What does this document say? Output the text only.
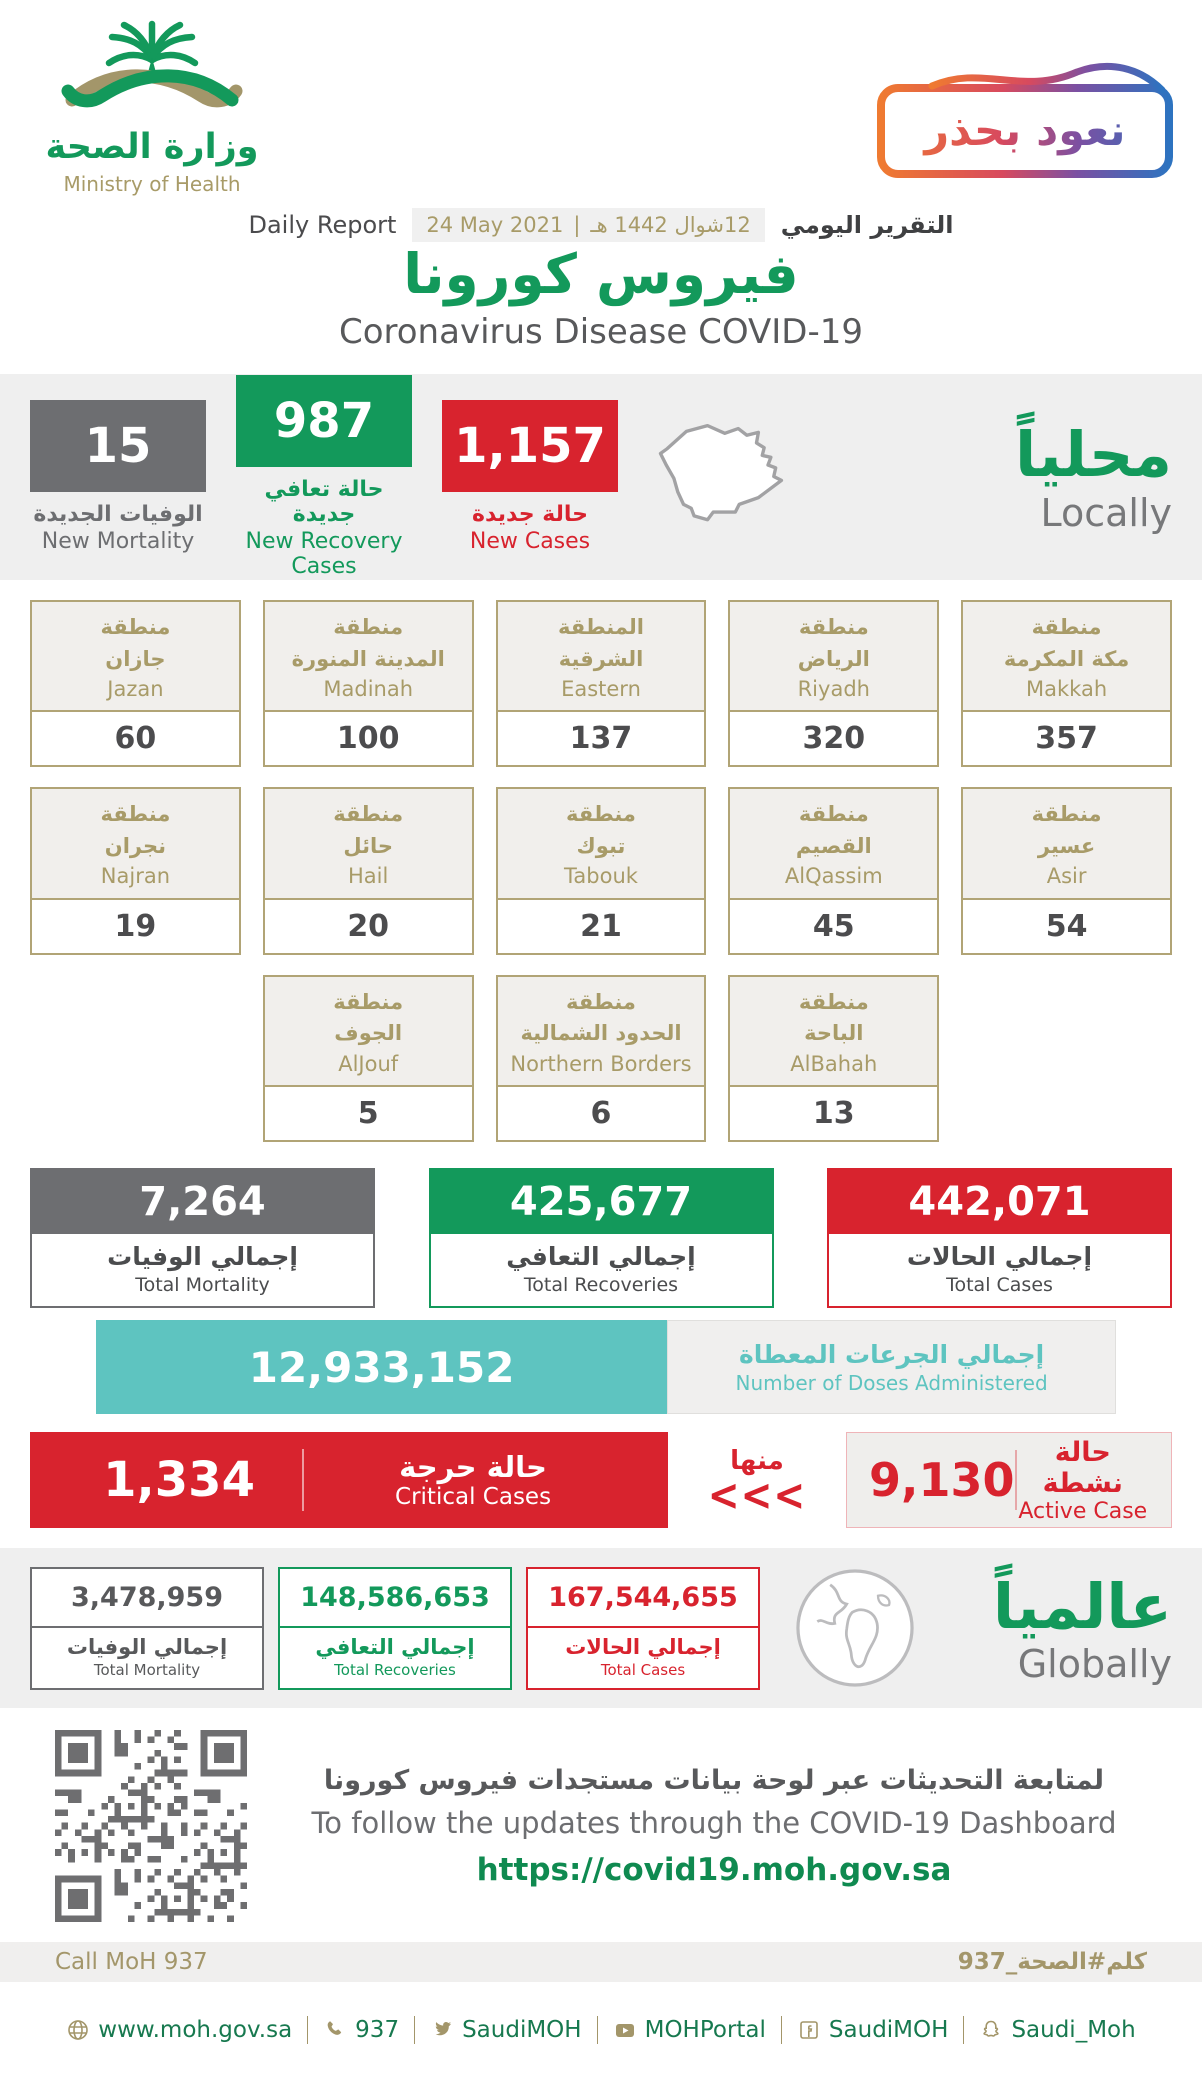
وزارة الصحة
Ministry of Health
نعود بحذر
Daily Report 24 May 2021 | 12شوال 1442 هـ التقرير اليومي
فيروس كورونا
Coronavirus Disease COVID-19
15
الوفيات الجديدة
New Mortality
987
حالة تعافي جديدة
New Recovery Cases
1,157
حالة جديدة
New Cases
محلياً
Locally
منطقة
جازان
Jazan
60
منطقة
المدينة المنورة
Madinah
100
المنطقة
الشرقية
Eastern
137
منطقة
الرياض
Riyadh
320
منطقة
مكة المكرمة
Makkah
357
منطقة
نجران
Najran
19
منطقة
حائل
Hail
20
منطقة
تبوك
Tabouk
21
منطقة
القصيم
AlQassim
45
منطقة
عسير
Asir
54
منطقة
الجوف
AlJouf
5
منطقة
الحدود الشمالية
Northern Borders
6
منطقة
الباحة
AlBahah
13
7,264
إجمالي الوفيات
Total Mortality
425,677
إجمالي التعافي
Total Recoveries
442,071
إجمالي الحالات
Total Cases
12,933,152	إجمالي الجرعات المعطاة
Number of Doses Administered
1,334	حالة حرجة
Critical Cases
منها
<<< 9,130
حالة نشطة
Active Case
3,478,959
إجمالي الوفيات
Total Mortality
148,586,653
إجمالي التعافي
Total Recoveries
167,544,655
إجمالي الحالات
Total Cases
عالمياً
Globally
لمتابعة التحديثات عبر لوحة بيانات مستجدات فيروس كورونا
To follow the updates through the COVID-19 Dashboard
https://covid19.moh.gov.sa
Call MoH 937	كلم#الصحة_937
www.moh.gov.sa	937	SaudiMOH	MOHPortal	SaudiMOH	Saudi_Moh
